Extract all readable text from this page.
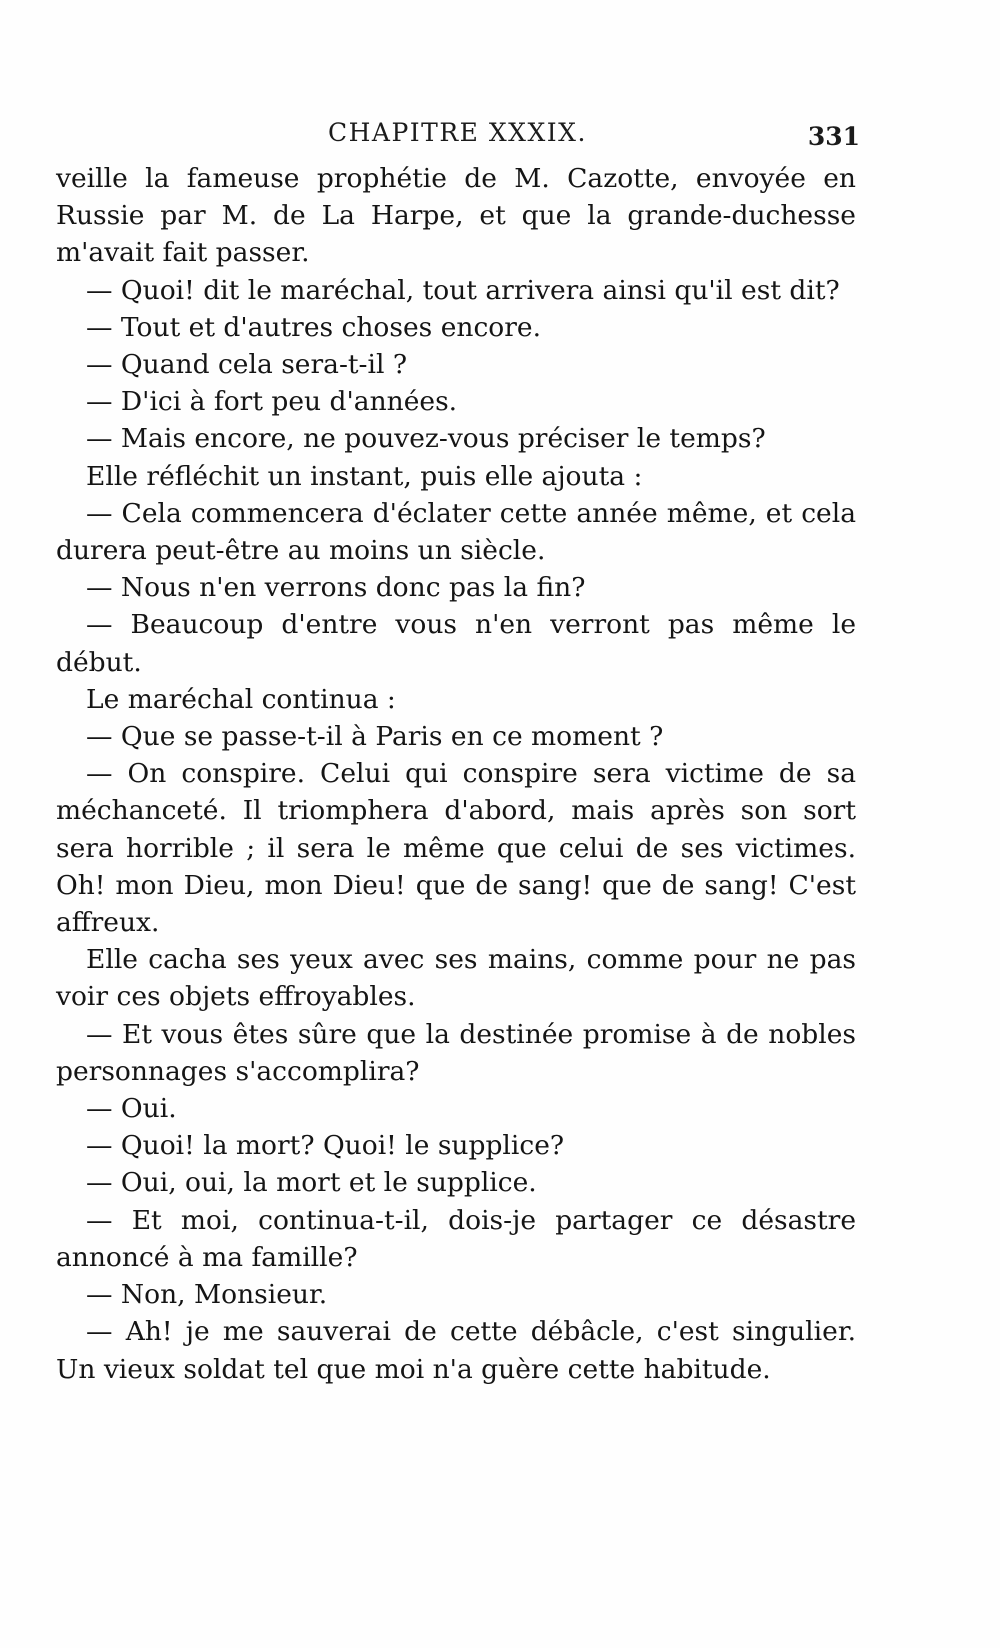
CHAPITRE XXXIX.	331

veille la fameuse prophétie de M. Cazotte, envoyée en Russie par M. de La Harpe, et que la grande-duchesse m'avait fait passer.

— Quoi! dit le maréchal, tout arrivera ainsi qu'il est dit?

— Tout et d'autres choses encore.

— Quand cela sera-t-il ?

— D'ici à fort peu d'années.

— Mais encore, ne pouvez-vous préciser le temps?

Elle réfléchit un instant, puis elle ajouta :

— Cela commencera d'éclater cette année même, et cela durera peut-être au moins un siècle.

— Nous n'en verrons donc pas la fin?

— Beaucoup d'entre vous n'en verront pas même le début.

Le maréchal continua :

— Que se passe-t-il à Paris en ce moment ?

— On conspire. Celui qui conspire sera victime de sa méchanceté. Il triomphera d'abord, mais après son sort sera horrible ; il sera le même que celui de ses victimes. Oh! mon Dieu, mon Dieu! que de sang! que de sang! C'est affreux.

Elle cacha ses yeux avec ses mains, comme pour ne pas voir ces objets effroyables.

— Et vous êtes sûre que la destinée promise à de nobles personnages s'accomplira?

— Oui.

— Quoi! la mort? Quoi! le supplice?

— Oui, oui, la mort et le supplice.

— Et moi, continua-t-il, dois-je partager ce désastre annoncé à ma famille?

— Non, Monsieur.

— Ah! je me sauverai de cette débâcle, c'est singulier. Un vieux soldat tel que moi n'a guère cette habitude.
